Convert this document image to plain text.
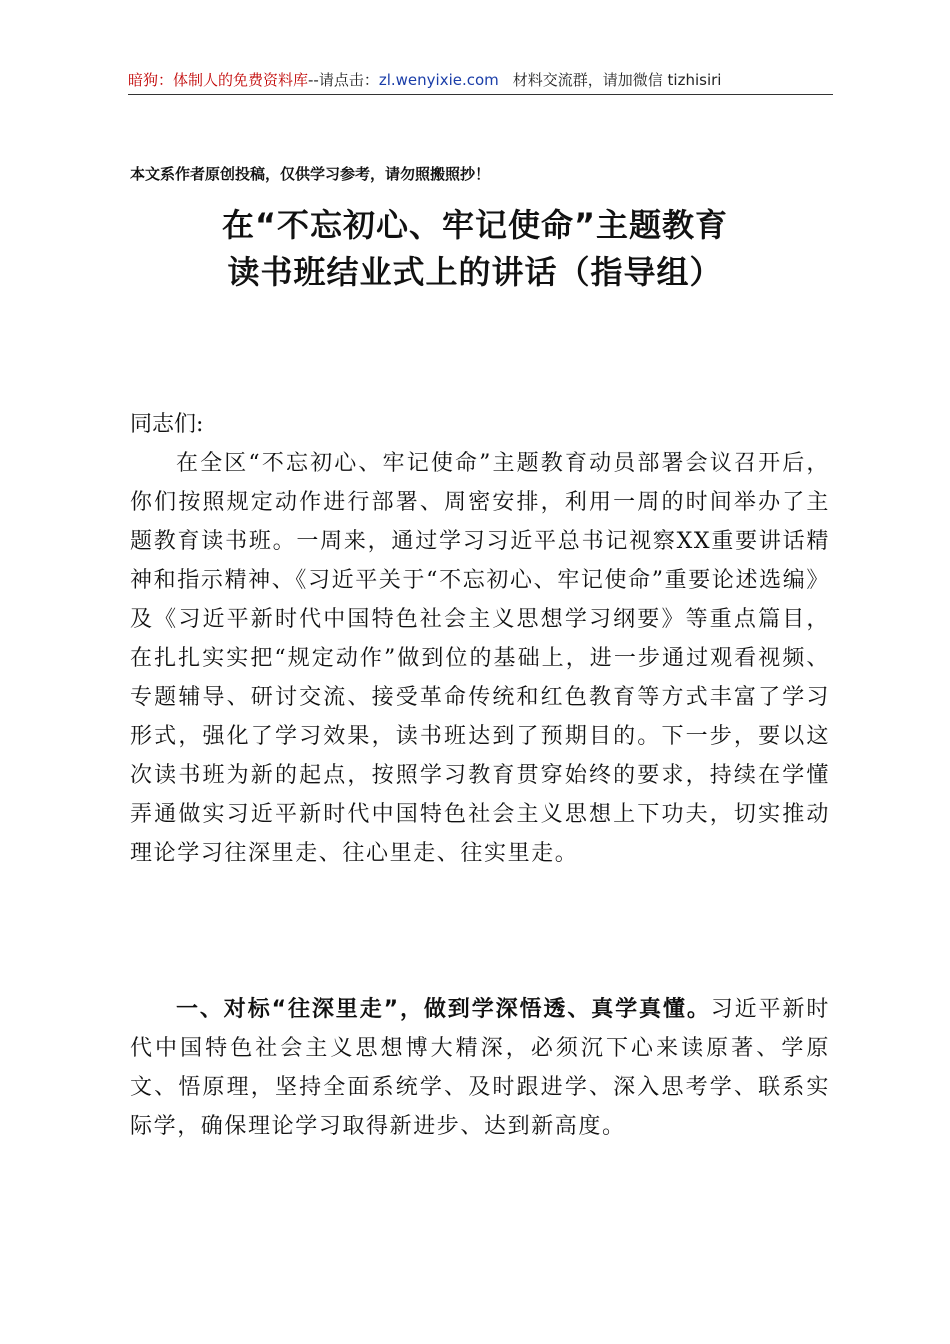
暗狗：体制人的免费资料库--请点击：zl.wenyixie.com 材料交流群，请加微信 tizhisiri
本文系作者原创投稿，仅供学习参考，请勿照搬照抄！
在“不忘初心、牢记使命”主题教育
读书班结业式上的讲话（指导组）
同志们:
在全区“不忘初心、牢记使命”主题教育动员部署会议召开后，你们按照规定动作进行部署、周密安排，利用一周的时间举办了主题教育读书班。一周来，通过学习习近平总书记视察XX重要讲话精神和指示精神、《习近平关于“不忘初心、牢记使命”重要论述选编》及《习近平新时代中国特色社会主义思想学习纲要》等重点篇目，在扎扎实实把“规定动作”做到位的基础上，进一步通过观看视频、专题辅导、研讨交流、接受革命传统和红色教育等方式丰富了学习形式，强化了学习效果，读书班达到了预期目的。下一步，要以这次读书班为新的起点，按照学习教育贯穿始终的要求，持续在学懂弄通做实习近平新时代中国特色社会主义思想上下功夫，切实推动理论学习往深里走、往心里走、往实里走。
一、对标“往深里走”，做到学深悟透、真学真懂。习近平新时代中国特色社会主义思想博大精深，必须沉下心来读原著、学原文、悟原理，坚持全面系统学、及时跟进学、深入思考学、联系实际学，确保理论学习取得新进步、达到新高度。
